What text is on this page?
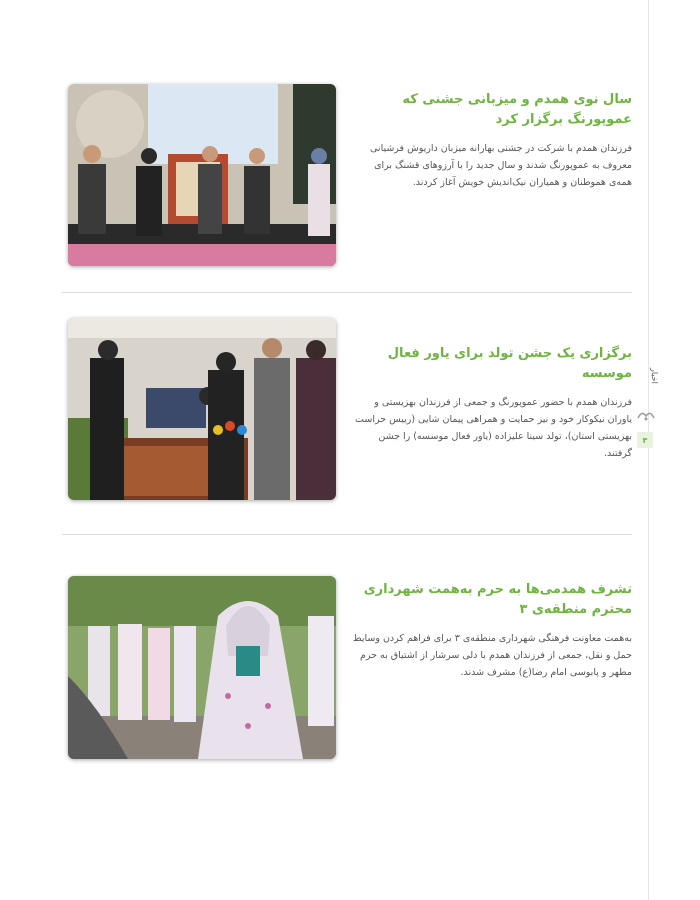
سال نوی همدم و میزبانی جشنی که عموپورنگ برگزار کرد

فرزندان همدم با شرکت در جشنی بهارانه میزبان داریوش فرشیانی معروف به عموپورنگ شدند و سال جدید را با آرزوهای قشنگ برای همه‌ی هموطنان و همیاران نیک‌اندیش خویش آغاز کردند.

برگزاری یک جشن تولد برای یاور فعال موسسه

فرزندان همدم با حضور عموپورنگ و جمعی از فرزندان بهزیستی و یاوران نیکوکار خود و نیز حمایت و همراهی پیمان شایی (رییس حراست بهزیستی استان)، تولد سینا علیزاده (یاور فعال موسسه) را جشن گرفتند.

تشرف همدمی‌ها به حرم به‌همت شهرداری محترم منطقه‌ی ۳

به‌همت معاونت فرهنگی شهرداری منطقه‌ی ۳ برای فراهم کردن وسایط حمل و نقل، جمعی از فرزندان همدم با دلی سرشار از اشتیاق به حرم مطهر و پابوسی امام رضا(ع) مشرف شدند.

اخبار
۳
